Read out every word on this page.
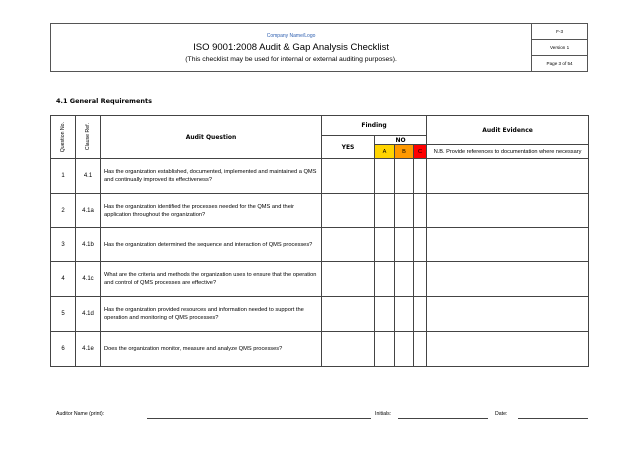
Company Name/Logo
ISO 9001:2008 Audit & Gap Analysis Checklist
(This checklist may be used for internal or external auditing purposes).
	F-3
Version 1
Page 3 of 54
4.1 General Requirements
Question No.	Clause Ref.	Audit Question	Finding				Audit Evidence
			YES	NO			
				A	B	C	N.B. Provide references to documentation where necessary
1	4.1	Has the organization established, documented, implemented and maintained a QMS and continually improved its effectiveness?					
2	4.1a	Has the organization identified the processes needed for the QMS and their application throughout the organization?					
3	4.1b	Has the organization determined the sequence and interaction of QMS processes?					
4	4.1c	What are the criteria and methods the organization uses to ensure that the operation and control of QMS processes are effective?					
5	4.1d	Has the organization provided resources and information needed to support the operation and monitoring of QMS processes?					
6	4.1e	Does the organization monitor, measure and analyze QMS processes?					
Auditor Name (print):	Initials:	Date:
